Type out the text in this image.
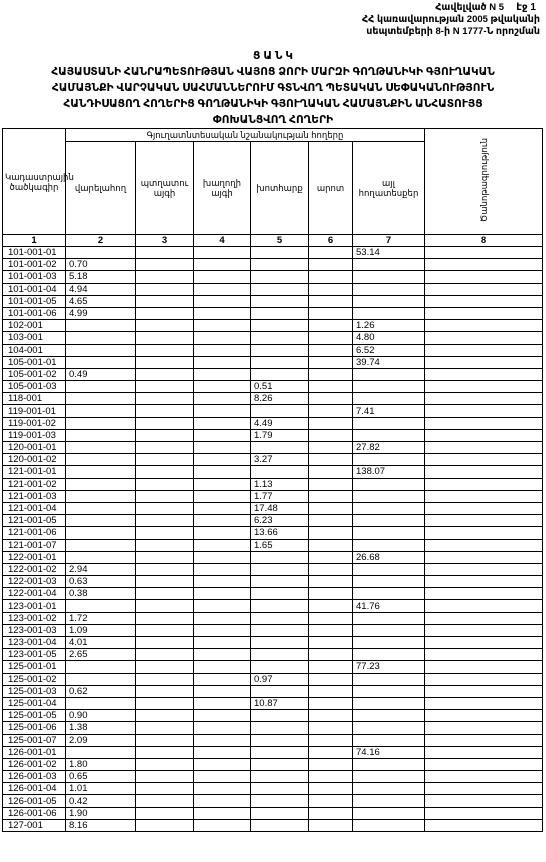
Հավելված N 5
ՀՀ կառավարության 2005 թվականի
սեպտեմբերի 8-ի N 1777-Ն որոշման
էջ 1
Ց Ա Ն Կ
ՀԱՅԱՍՏԱՆԻ ՀԱՆՐԱՊԵՏՈՒԹՅԱՆ ՎԱՅՈՑ ՁՈՐԻ ՄԱՐԶԻ ԳՈՂԹԱՆԻԿԻ ԳՅՈՒՂԱԿԱՆ
ՀԱՄԱՅՆՔԻ ՎԱՐՉԱԿԱՆ ՍԱՀՄԱՆՆԵՐՈՒՄ ԳՏՆՎՈՂ ՊԵՏԱԿԱՆ ՍԵՓԱԿԱՆՈՒԹՅՈՒՆ
ՀԱՆԴԻՍԱՑՈՂ ՀՈՂԵՐԻՑ ԳՈՂԹԱՆԻԿԻ ԳՅՈՒՂԱԿԱՆ ՀԱՄԱՅՆՔԻՆ ԱՆՀԱՏՈՒՅՑ
ՓՈԽԱՆՑՎՈՂ ՀՈՂԵՐԻ
Կադաստրային ծածկագիր	Գյուղատնտեսական նշանակության հողերը						Ծանոթագրություն
	վարելահող	պտղատու այգի	խաղողի այգի	խոտհարք	արոտ	այլ հողատեսքեր	
1	2	3	4	5	6	7	8
101-001-01						53.14	
101-001-02	0.70						
101-001-03	5.18						
101-001-04	4.94						
101-001-05	4.65						
101-001-06	4.99						
102-001						1.26	
103-001						4.80	
104-001						6.52	
105-001-01						39.74	
105-001-02	0.49						
105-001-03				0.51			
118-001				8.26			
119-001-01						7.41	
119-001-02				4.49			
119-001-03				1.79			
120-001-01						27.82	
120-001-02				3.27			
121-001-01						138.07	
121-001-02				1.13			
121-001-03				1.77			
121-001-04				17.48			
121-001-05				6.23			
121-001-06				13.66			
121-001-07				1.65			
122-001-01						26.68	
122-001-02	2.94						
122-001-03	0.63						
122-001-04	0.38						
123-001-01						41.76	
123-001-02	1.72						
123-001-03	1.09						
123-001-04	4.01						
123-001-05	2.65						
125-001-01						77.23	
125-001-02				0.97			
125-001-03	0.62						
125-001-04				10.87			
125-001-05	0.90						
125-001-06	1.38						
125-001-07	2.09						
126-001-01						74.16	
126-001-02	1.80						
126-001-03	0.65						
126-001-04	1.01						
126-001-05	0.42						
126-001-06	1.90						
127-001	8.16						
